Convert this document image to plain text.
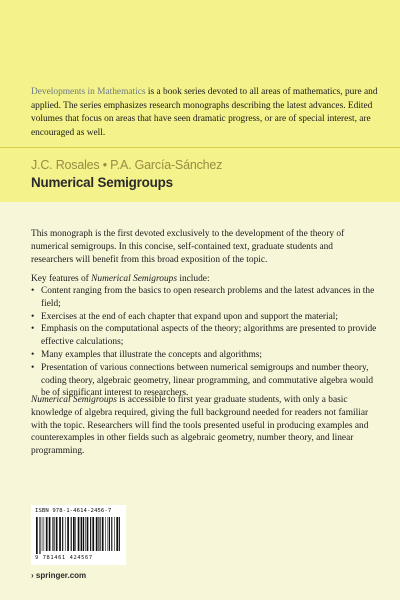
Developments in Mathematics is a book series devoted to all areas of mathematics, pure and applied. The series emphasizes research monographs describing the latest advances. Edited volumes that focus on areas that have seen dramatic progress, or are of special interest, are encouraged as well.
J.C. Rosales • P.A. García-Sánchez
Numerical Semigroups
This monograph is the first devoted exclusively to the development of the theory of numerical semigroups. In this concise, self-contained text, graduate students and researchers will benefit from this broad exposition of the topic.
Key features of Numerical Semigroups include:
• Content ranging from the basics to open research problems and the latest advances in the field;
• Exercises at the end of each chapter that expand upon and support the material;
• Emphasis on the computational aspects of the theory; algorithms are presented to provide effective calculations;
• Many examples that illustrate the concepts and algorithms;
• Presentation of various connections between numerical semigroups and number theory, coding theory, algebraic geometry, linear programming, and commutative algebra would be of significant interest to researchers.
Numerical Semigroups is accessible to first year graduate students, with only a basic knowledge of algebra required, giving the full background needed for readers not familiar with the topic. Researchers will find the tools presented useful in producing examples and counterexamples in other fields such as algebraic geometry, number theory, and linear programming.
ISBN 978-1-4614-2456-7
9 781461 424567
› springer.com
